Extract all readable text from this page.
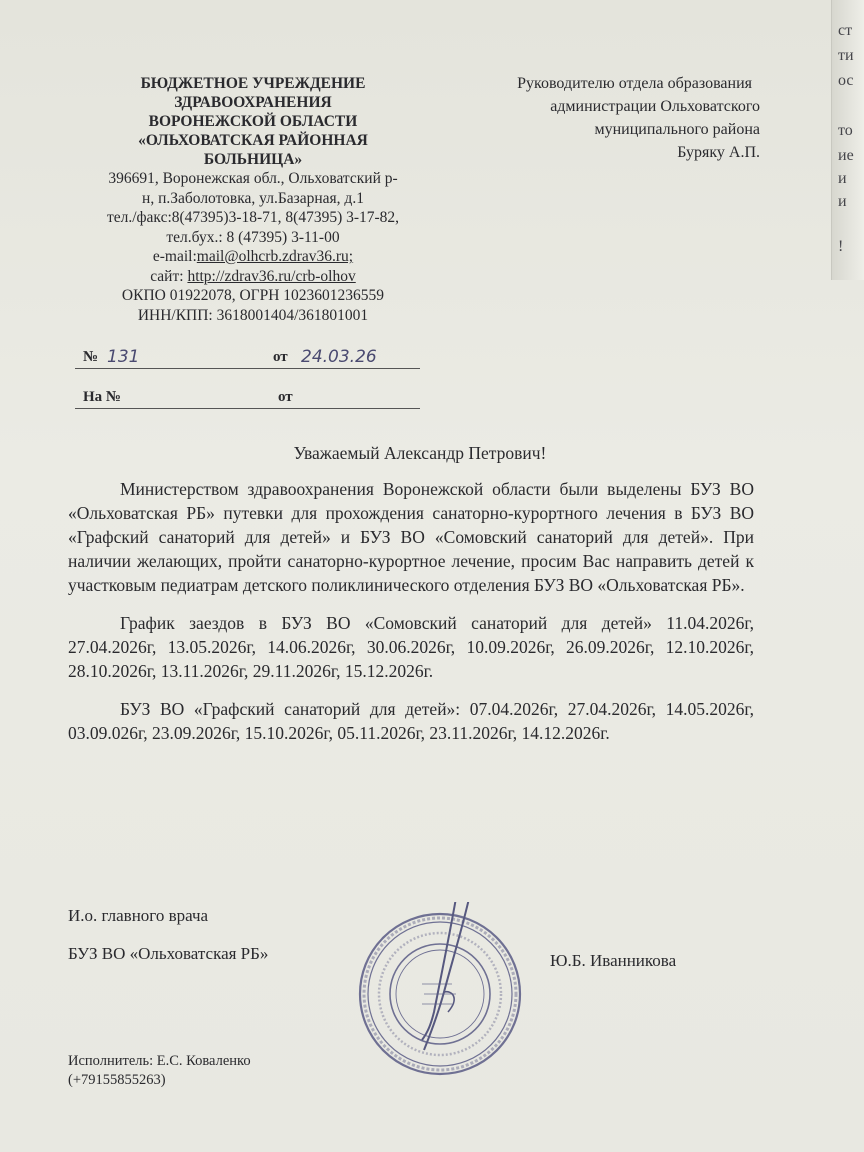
ст
ти
ос
то
ие
и
и
!
БЮДЖЕТНОЕ УЧРЕЖДЕНИЕ
ЗДРАВООХРАНЕНИЯ
ВОРОНЕЖСКОЙ ОБЛАСТИ
«ОЛЬХОВАТСКАЯ РАЙОННАЯ
БОЛЬНИЦА»
396691, Воронежская обл., Ольховатский р-
н, п.Заболотовка, ул.Базарная, д.1
тел./факс:8(47395)3-18-71, 8(47395) 3-17-82,
тел.бух.: 8 (47395) 3-11-00
e-mail:mail@olhcrb.zdrav36.ru;
сайт: http://zdrav36.ru/crb-olhov
ОКПО 01922078, ОГРН 1023601236559
ИНН/КПП: 3618001404/361801001
Руководителю отдела образования
администрации Ольховатского
муниципального района
Буряку А.П.
№ 131	от 24.03.26
На №	от
Уважаемый Александр Петрович!

Министерством здравоохранения Воронежской области были выделены БУЗ ВО «Ольховатская РБ» путевки для прохождения санаторно-курортного лечения в БУЗ ВО «Графский санаторий для детей» и БУЗ ВО «Сомовский санаторий для детей». При наличии желающих, пройти санаторно-курортное лечение, просим Вас направить детей к участковым педиатрам детского поликлинического отделения БУЗ ВО «Ольховатская РБ».

График заездов в БУЗ ВО «Сомовский санаторий для детей» 11.04.2026г, 27.04.2026г, 13.05.2026г, 14.06.2026г, 30.06.2026г, 10.09.2026г, 26.09.2026г, 12.10.2026г, 28.10.2026г, 13.11.2026г, 29.11.2026г, 15.12.2026г.

БУЗ ВО «Графский санаторий для детей»: 07.04.2026г, 27.04.2026г, 14.05.2026г, 03.09.026г, 23.09.2026г, 15.10.2026г, 05.11.2026г, 23.11.2026г, 14.12.2026г.

И.о. главного врача
БУЗ ВО «Ольховатская РБ»	Ю.Б. Иванникова
Исполнитель: Е.С. Коваленко
(+79155855263)
